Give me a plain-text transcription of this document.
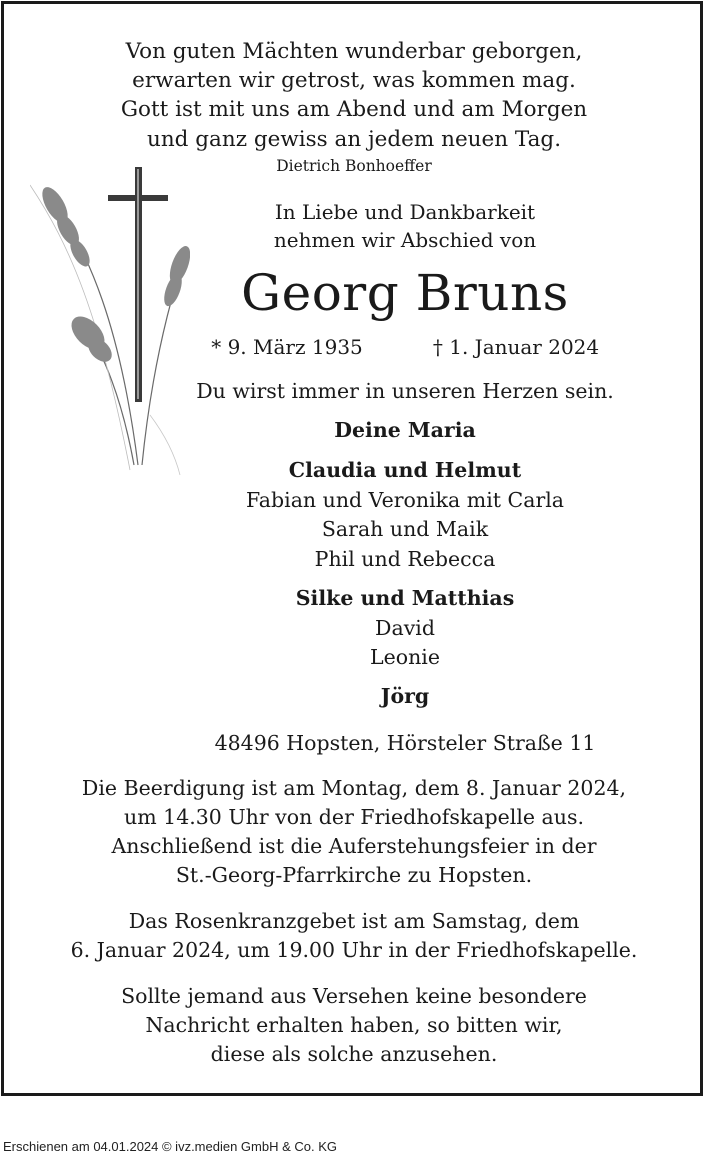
Von guten Mächten wunderbar geborgen,
erwarten wir getrost, was kommen mag.
Gott ist mit uns am Abend und am Morgen
und ganz gewiss an jedem neuen Tag.
Dietrich Bonhoeffer
In Liebe und Dankbarkeit
nehmen wir Abschied von
Georg Bruns
* 9. März 1935	† 1. Januar 2024
Du wirst immer in unseren Herzen sein.
Deine Maria
Claudia und Helmut
Fabian und Veronika mit Carla
Sarah und Maik
Phil und Rebecca
Silke und Matthias
David
Leonie
Jörg
48496 Hopsten, Hörsteler Straße 11
Die Beerdigung ist am Montag, dem 8. Januar 2024,
um 14.30 Uhr von der Friedhofskapelle aus.
Anschließend ist die Auferstehungsfeier in der
St.-Georg-Pfarrkirche zu Hopsten.
Das Rosenkranzgebet ist am Samstag, dem
6. Januar 2024, um 19.00 Uhr in der Friedhofskapelle.
Sollte jemand aus Versehen keine besondere
Nachricht erhalten haben, so bitten wir,
diese als solche anzusehen.
Erschienen am 04.01.2024 © ivz.medien GmbH & Co. KG
